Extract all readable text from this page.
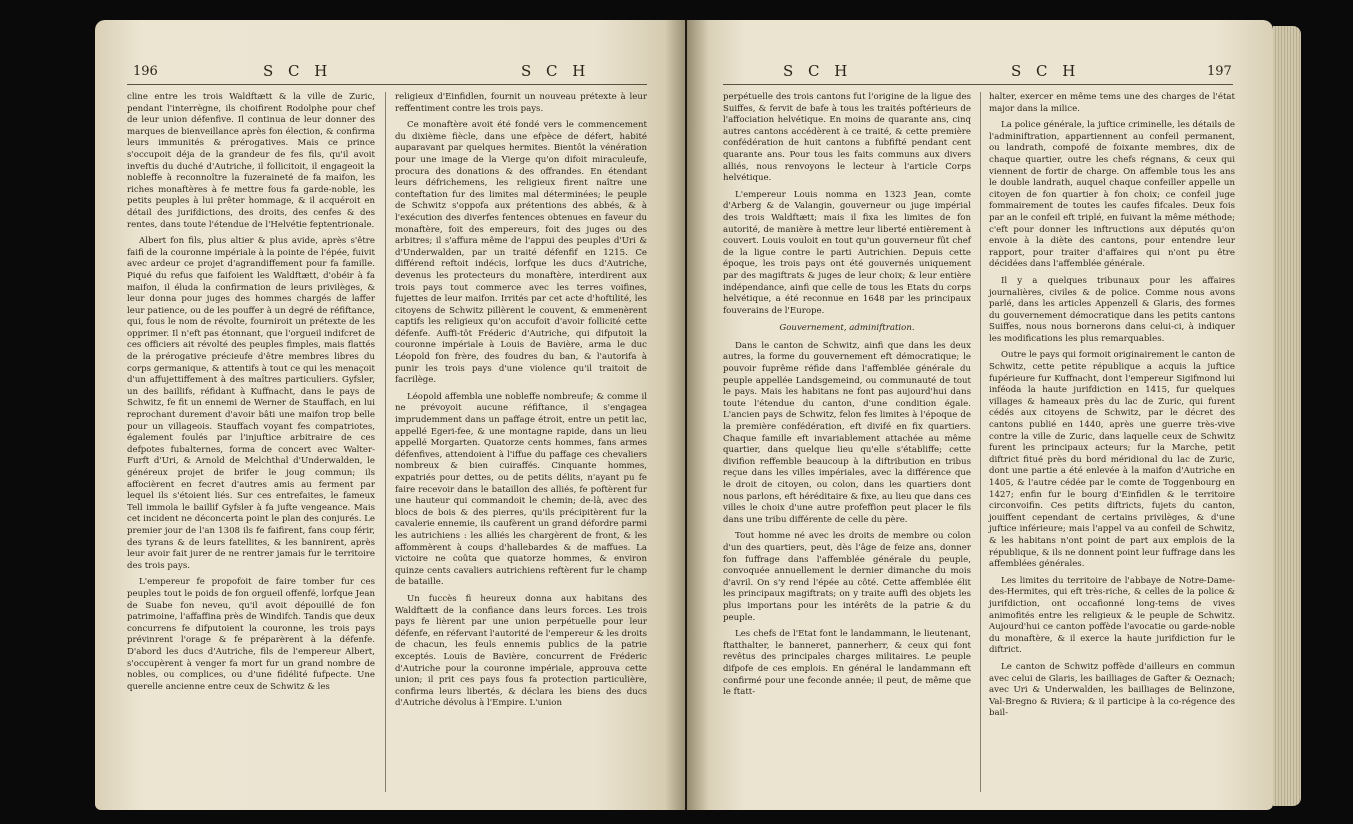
196	S C H	S C H

cline entre les trois Waldftætt & la ville de Zuric, pendant l'interrègne, ils choifirent Rodolphe pour chef de leur union défenfive. Il continua de leur donner des marques de bienveillance après fon élection, & confirma leurs immunités & prérogatives. Mais ce prince s'occupoit déja de la grandeur de fes fils, qu'il avoit inveftis du duché d'Autriche, il follicitoit, il engageoit la nobleffe à reconnoître la fuzeraineté de fa maifon, les riches monaftères à fe mettre fous fa garde-noble, les petits peuples à lui prêter hommage, & il acquéroit en détail des jurifdictions, des droits, des cenfes & des rentes, dans toute l'étendue de l'Helvétie feptentrionale.

Albert fon fils, plus altier & plus avide, après s'être faifi de la couronne impériale à la pointe de l'épée, fuivit avec ardeur ce projet d'agrandiffement pour fa famille. Piqué du refus que faifoient les Waldftætt, d'obéir à fa maifon, il éluda la confirmation de leurs privilèges, & leur donna pour juges des hommes chargés de laffer leur patience, ou de les pouffer à un degré de réfiftance, qui, fous le nom de révolte, fourniroit un prétexte de les opprimer. Il n'eft pas étonnant, que l'orgueil indifcret de ces officiers ait révolté des peuples fimples, mais flattés de la prérogative précieufe d'être membres libres du corps germanique, & attentifs à tout ce qui les menaçoit d'un affujettiffement à des maîtres particuliers. Gyfsler, un des baillifs, réfidant à Kuffnacht, dans le pays de Schwitz, fe fit un ennemi de Werner de Stauffach, en lui reprochant durement d'avoir bâti une maifon trop belle pour un villageois. Stauffach voyant fes compatriotes, également foulés par l'injuftice arbitraire de ces defpotes fubalternes, forma de concert avec Walter-Furft d'Uri, & Arnold de Melchthal d'Underwalden, le généreux projet de brifer le joug commun; ils affocièrent en fecret d'autres amis au ferment par lequel ils s'étoient liés. Sur ces entrefaites, le fameux Tell immola le baillif Gyfsler à fa jufte vengeance. Mais cet incident ne déconcerta point le plan des conjurés. Le premier jour de l'an 1308 ils fe faifirent, fans coup férir, des tyrans & de leurs fatellites, & les bannirent, après leur avoir fait jurer de ne rentrer jamais fur le territoire des trois pays.

L'empereur fe propofoit de faire tomber fur ces peuples tout le poids de fon orgueil offenfé, lorfque Jean de Suabe fon neveu, qu'il avoit dépouillé de fon patrimoine, l'affaffina près de Windifch. Tandis que deux concurrens fe difputoient la couronne, les trois pays prévinrent l'orage & fe préparèrent à la défenfe. D'abord les ducs d'Autriche, fils de l'empereur Albert, s'occupèrent à venger fa mort fur un grand nombre de nobles, ou complices, ou d'une fidélité fufpecte. Une querelle ancienne entre ceux de Schwitz & les

religieux d'Einfidlen, fournit un nouveau prétexte à leur reffentiment contre les trois pays.

Ce monaftère avoit été fondé vers le commencement du dixième fiècle, dans une efpèce de défert, habité auparavant par quelques hermites. Bientôt la vénération pour une image de la Vierge qu'on difoit miraculeufe, procura des donations & des offrandes. En étendant leurs défrichemens, les religieux firent naître une conteftation fur des limites mal déterminées; le peuple de Schwitz s'oppofa aux prétentions des abbés, & à l'exécution des diverfes fentences obtenues en faveur du monaftère, foit des empereurs, foit des juges ou des arbitres; il s'affura même de l'appui des peuples d'Uri & d'Underwalden, par un traité défenfif en 1215. Ce différend reftoit indécis, lorfque les ducs d'Autriche, devenus les protecteurs du monaftère, interdirent aux trois pays tout commerce avec les terres voifines, fujettes de leur maifon. Irrités par cet acte d'hoftilité, les citoyens de Schwitz pillèrent le couvent, & emmenèrent captifs les religieux qu'on accufoit d'avoir follicité cette défenfe. Auffi-tôt Fréderic d'Autriche, qui difputoit la couronne impériale à Louis de Bavière, arma le duc Léopold fon frère, des foudres du ban, & l'autorifa à punir les trois pays d'une violence qu'il traitoit de facrilège.

Léopold affembla une nobleffe nombreufe; & comme il ne prévoyoit aucune réfiftance, il s'engagea imprudemment dans un paffage étroit, entre un petit lac, appellé Egeri-fee, & une montagne rapide, dans un lieu appellé Morgarten. Quatorze cents hommes, fans armes défenfives, attendoient à l'iffue du paffage ces chevaliers nombreux & bien cuiraffés. Cinquante hommes, expatriés pour dettes, ou de petits délits, n'ayant pu fe faire recevoir dans le bataillon des alliés, fe poftèrent fur une hauteur qui commandoit le chemin; de-là, avec des blocs de bois & des pierres, qu'ils précipitèrent fur la cavalerie ennemie, ils caufèrent un grand défordre parmi les autrichiens : les alliés les chargèrent de front, & les affommèrent à coups d'hallebardes & de maffues. La victoire ne coûta que quatorze hommes, & environ quinze cents cavaliers autrichiens reftèrent fur le champ de bataille.

Un fuccès fi heureux donna aux habitans des Waldftætt de la confiance dans leurs forces. Les trois pays fe lièrent par une union perpétuelle pour leur défenfe, en réfervant l'autorité de l'empereur & les droits de chacun, les feuls ennemis publics de la patrie exceptés. Louis de Bavière, concurrent de Fréderic d'Autriche pour la couronne impériale, approuva cette union; il prit ces pays fous fa protection particulière, confirma leurs libertés, & déclara les biens des ducs d'Autriche dévolus à l'Empire. L'union

S C H	S C H	197

perpétuelle des trois cantons fut l'origine de la ligue des Suiffes, & fervit de bafe à tous les traités poftérieurs de l'affociation helvétique. En moins de quarante ans, cinq autres cantons accédèrent à ce traité, & cette première confédération de huit cantons a fubfifté pendant cent quarante ans. Pour tous les faits communs aux divers alliés, nous renvoyons le lecteur à l'article Corps helvétique.

L'empereur Louis nomma en 1323 Jean, comte d'Arberg & de Valangin, gouverneur ou juge impérial des trois Waldftætt; mais il fixa les limites de fon autorité, de manière à mettre leur liberté entièrement à couvert. Louis vouloit en tout qu'un gouverneur fût chef de la ligue contre le parti Autrichien. Depuis cette époque, les trois pays ont été gouvernés uniquement par des magiftrats & juges de leur choix; & leur entière indépendance, ainfi que celle de tous les Etats du corps helvétique, a été reconnue en 1648 par les principaux fouverains de l'Europe.

Gouvernement, adminiftration.

Dans le canton de Schwitz, ainfi que dans les deux autres, la forme du gouvernement eft démocratique; le pouvoir fuprême réfide dans l'affemblée générale du peuple appellée Landsgemeind, ou communauté de tout le pays. Mais les habitans ne font pas aujourd'hui dans toute l'étendue du canton, d'une condition égale. L'ancien pays de Schwitz, felon fes limites à l'époque de la première confédération, eft divifé en fix quartiers. Chaque famille eft invariablement attachée au même quartier, dans quelque lieu qu'elle s'établiffe; cette divifion reffemble beaucoup à la diftribution en tribus reçue dans les villes impériales, avec la différence que le droit de citoyen, ou colon, dans les quartiers dont nous parlons, eft héréditaire & fixe, au lieu que dans ces villes le choix d'une autre profeffion peut placer le fils dans une tribu différente de celle du père.

Tout homme né avec les droits de membre ou colon d'un des quartiers, peut, dès l'âge de feize ans, donner fon fuffrage dans l'affemblée générale du peuple, convoquée annuellement le dernier dimanche du mois d'avril. On s'y rend l'épée au côté. Cette affemblée élit les principaux magiftrats; on y traite auffi des objets les plus importans pour les intérêts de la patrie & du peuple.

Les chefs de l'Etat font le landammann, le lieutenant, ftatthalter, le banneret, pannerherr, & ceux qui font revêtus des principales charges militaires. Le peuple difpofe de ces emplois. En général le landammann eft confirmé pour une feconde année; il peut, de même que le ftatt-

halter, exercer en même tems une des charges de l'état major dans la milice.

La police générale, la juftice criminelle, les détails de l'adminiftration, appartiennent au confeil permanent, ou landrath, compofé de foixante membres, dix de chaque quartier, outre les chefs régnans, & ceux qui viennent de fortir de charge. On affemble tous les ans le double landrath, auquel chaque confeiller appelle un citoyen de fon quartier à fon choix; ce confeil juge fommairement de toutes les caufes fifcales. Deux fois par an le confeil eft triplé, en fuivant la même méthode; c'eft pour donner les inftructions aux députés qu'on envoie à la diète des cantons, pour entendre leur rapport, pour traiter d'affaires qui n'ont pu être décidées dans l'affemblée générale.

Il y a quelques tribunaux pour les affaires journalières, civiles & de police. Comme nous avons parlé, dans les articles Appenzell & Glaris, des formes du gouvernement démocratique dans les petits cantons Suiffes, nous nous bornerons dans celui-ci, à indiquer les modifications les plus remarquables.

Outre le pays qui formoit originairement le canton de Schwitz, cette petite république a acquis la juftice fupérieure fur Kuffnacht, dont l'empereur Sigifmond lui inféoda la haute jurifdiction en 1415, fur quelques villages & hameaux près du lac de Zuric, qui furent cédés aux citoyens de Schwitz, par le décret des cantons publié en 1440, après une guerre très-vive contre la ville de Zuric, dans laquelle ceux de Schwitz furent les principaux acteurs; fur la Marche, petit diftrict fitué près du bord méridional du lac de Zuric, dont une partie a été enlevée à la maifon d'Autriche en 1405, & l'autre cédée par le comte de Toggenbourg en 1427; enfin fur le bourg d'Einfidlen & le territoire circonvoifin. Ces petits diftricts, fujets du canton, jouiffent cependant de certains privilèges, & d'une juftice inférieure; mais l'appel va au confeil de Schwitz, & les habitans n'ont point de part aux emplois de la république, & ils ne donnent point leur fuffrage dans les affemblées générales.

Les limites du territoire de l'abbaye de Notre-Dame-des-Hermites, qui eft très-riche, & celles de la police & jurifdiction, ont occafionné long-tems de vives animofités entre les religieux & le peuple de Schwitz. Aujourd'hui ce canton poffède l'avocatie ou garde-noble du monaftère, & il exerce la haute jurifdiction fur le diftrict.

Le canton de Schwitz poffède d'ailleurs en commun avec celui de Glaris, les bailliages de Gafter & Oeznach; avec Uri & Underwalden, les bailliages de Belinzone, Val-Bregno & Riviera; & il participe à la co-régence des bail-
